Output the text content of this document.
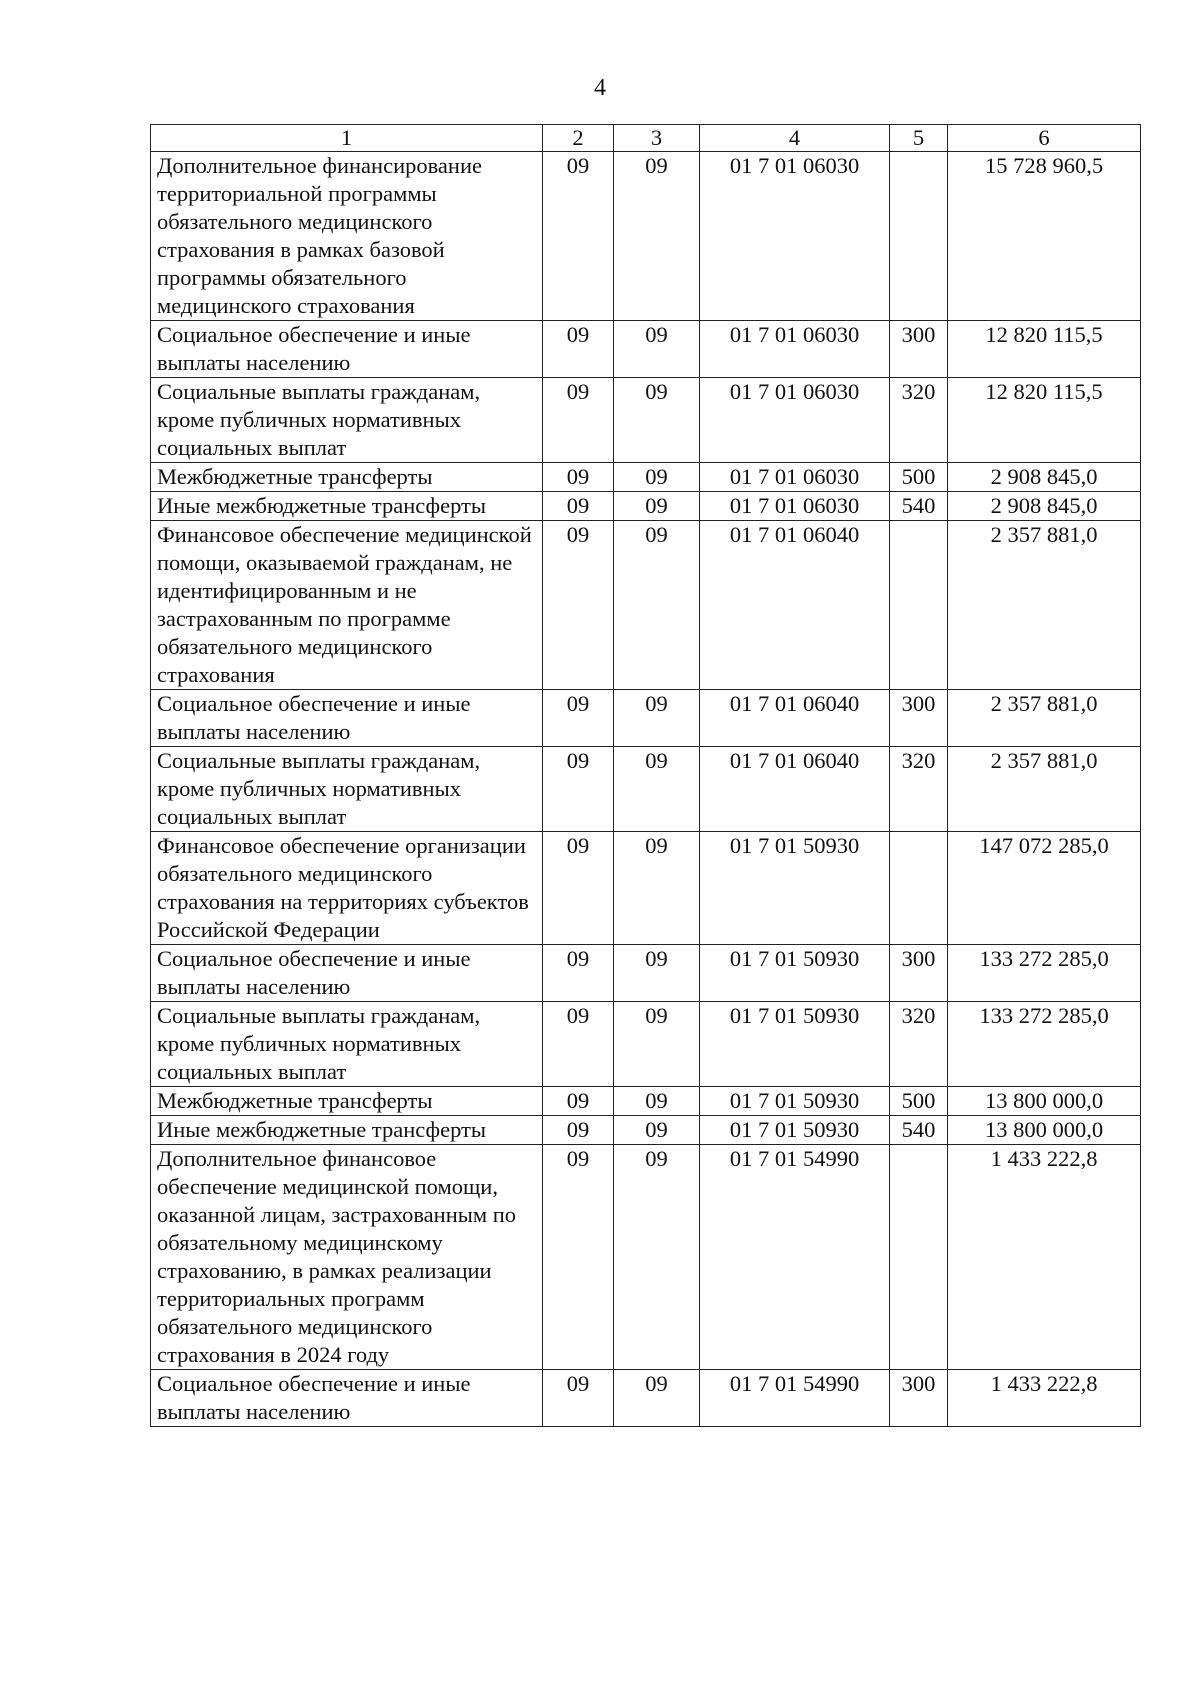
4
1	2	3	4	5	6
Дополнительное финансирование территориальной программы обязательного медицинского страхования в рамках базовой программы обязательного медицинского страхования	09	09	01 7 01 06030		15 728 960,5
Социальное обеспечение и иные выплаты населению	09	09	01 7 01 06030	300	12 820 115,5
Социальные выплаты гражданам, кроме публичных нормативных социальных выплат	09	09	01 7 01 06030	320	12 820 115,5
Межбюджетные трансферты	09	09	01 7 01 06030	500	2 908 845,0
Иные межбюджетные трансферты	09	09	01 7 01 06030	540	2 908 845,0
Финансовое обеспечение медицинской помощи, оказываемой гражданам, не идентифицированным и не застрахованным по программе обязательного медицинского страхования	09	09	01 7 01 06040		2 357 881,0
Социальное обеспечение и иные выплаты населению	09	09	01 7 01 06040	300	2 357 881,0
Социальные выплаты гражданам, кроме публичных нормативных социальных выплат	09	09	01 7 01 06040	320	2 357 881,0
Финансовое обеспечение организации обязательного медицинского страхования на территориях субъектов Российской Федерации	09	09	01 7 01 50930		147 072 285,0
Социальное обеспечение и иные выплаты населению	09	09	01 7 01 50930	300	133 272 285,0
Социальные выплаты гражданам, кроме публичных нормативных социальных выплат	09	09	01 7 01 50930	320	133 272 285,0
Межбюджетные трансферты	09	09	01 7 01 50930	500	13 800 000,0
Иные межбюджетные трансферты	09	09	01 7 01 50930	540	13 800 000,0
Дополнительное финансовое обеспечение медицинской помощи, оказанной лицам, застрахованным по обязательному медицинскому страхованию, в рамках реализации территориальных программ обязательного медицинского страхования в 2024 году	09	09	01 7 01 54990		1 433 222,8
Социальное обеспечение и иные выплаты населению	09	09	01 7 01 54990	300	1 433 222,8
